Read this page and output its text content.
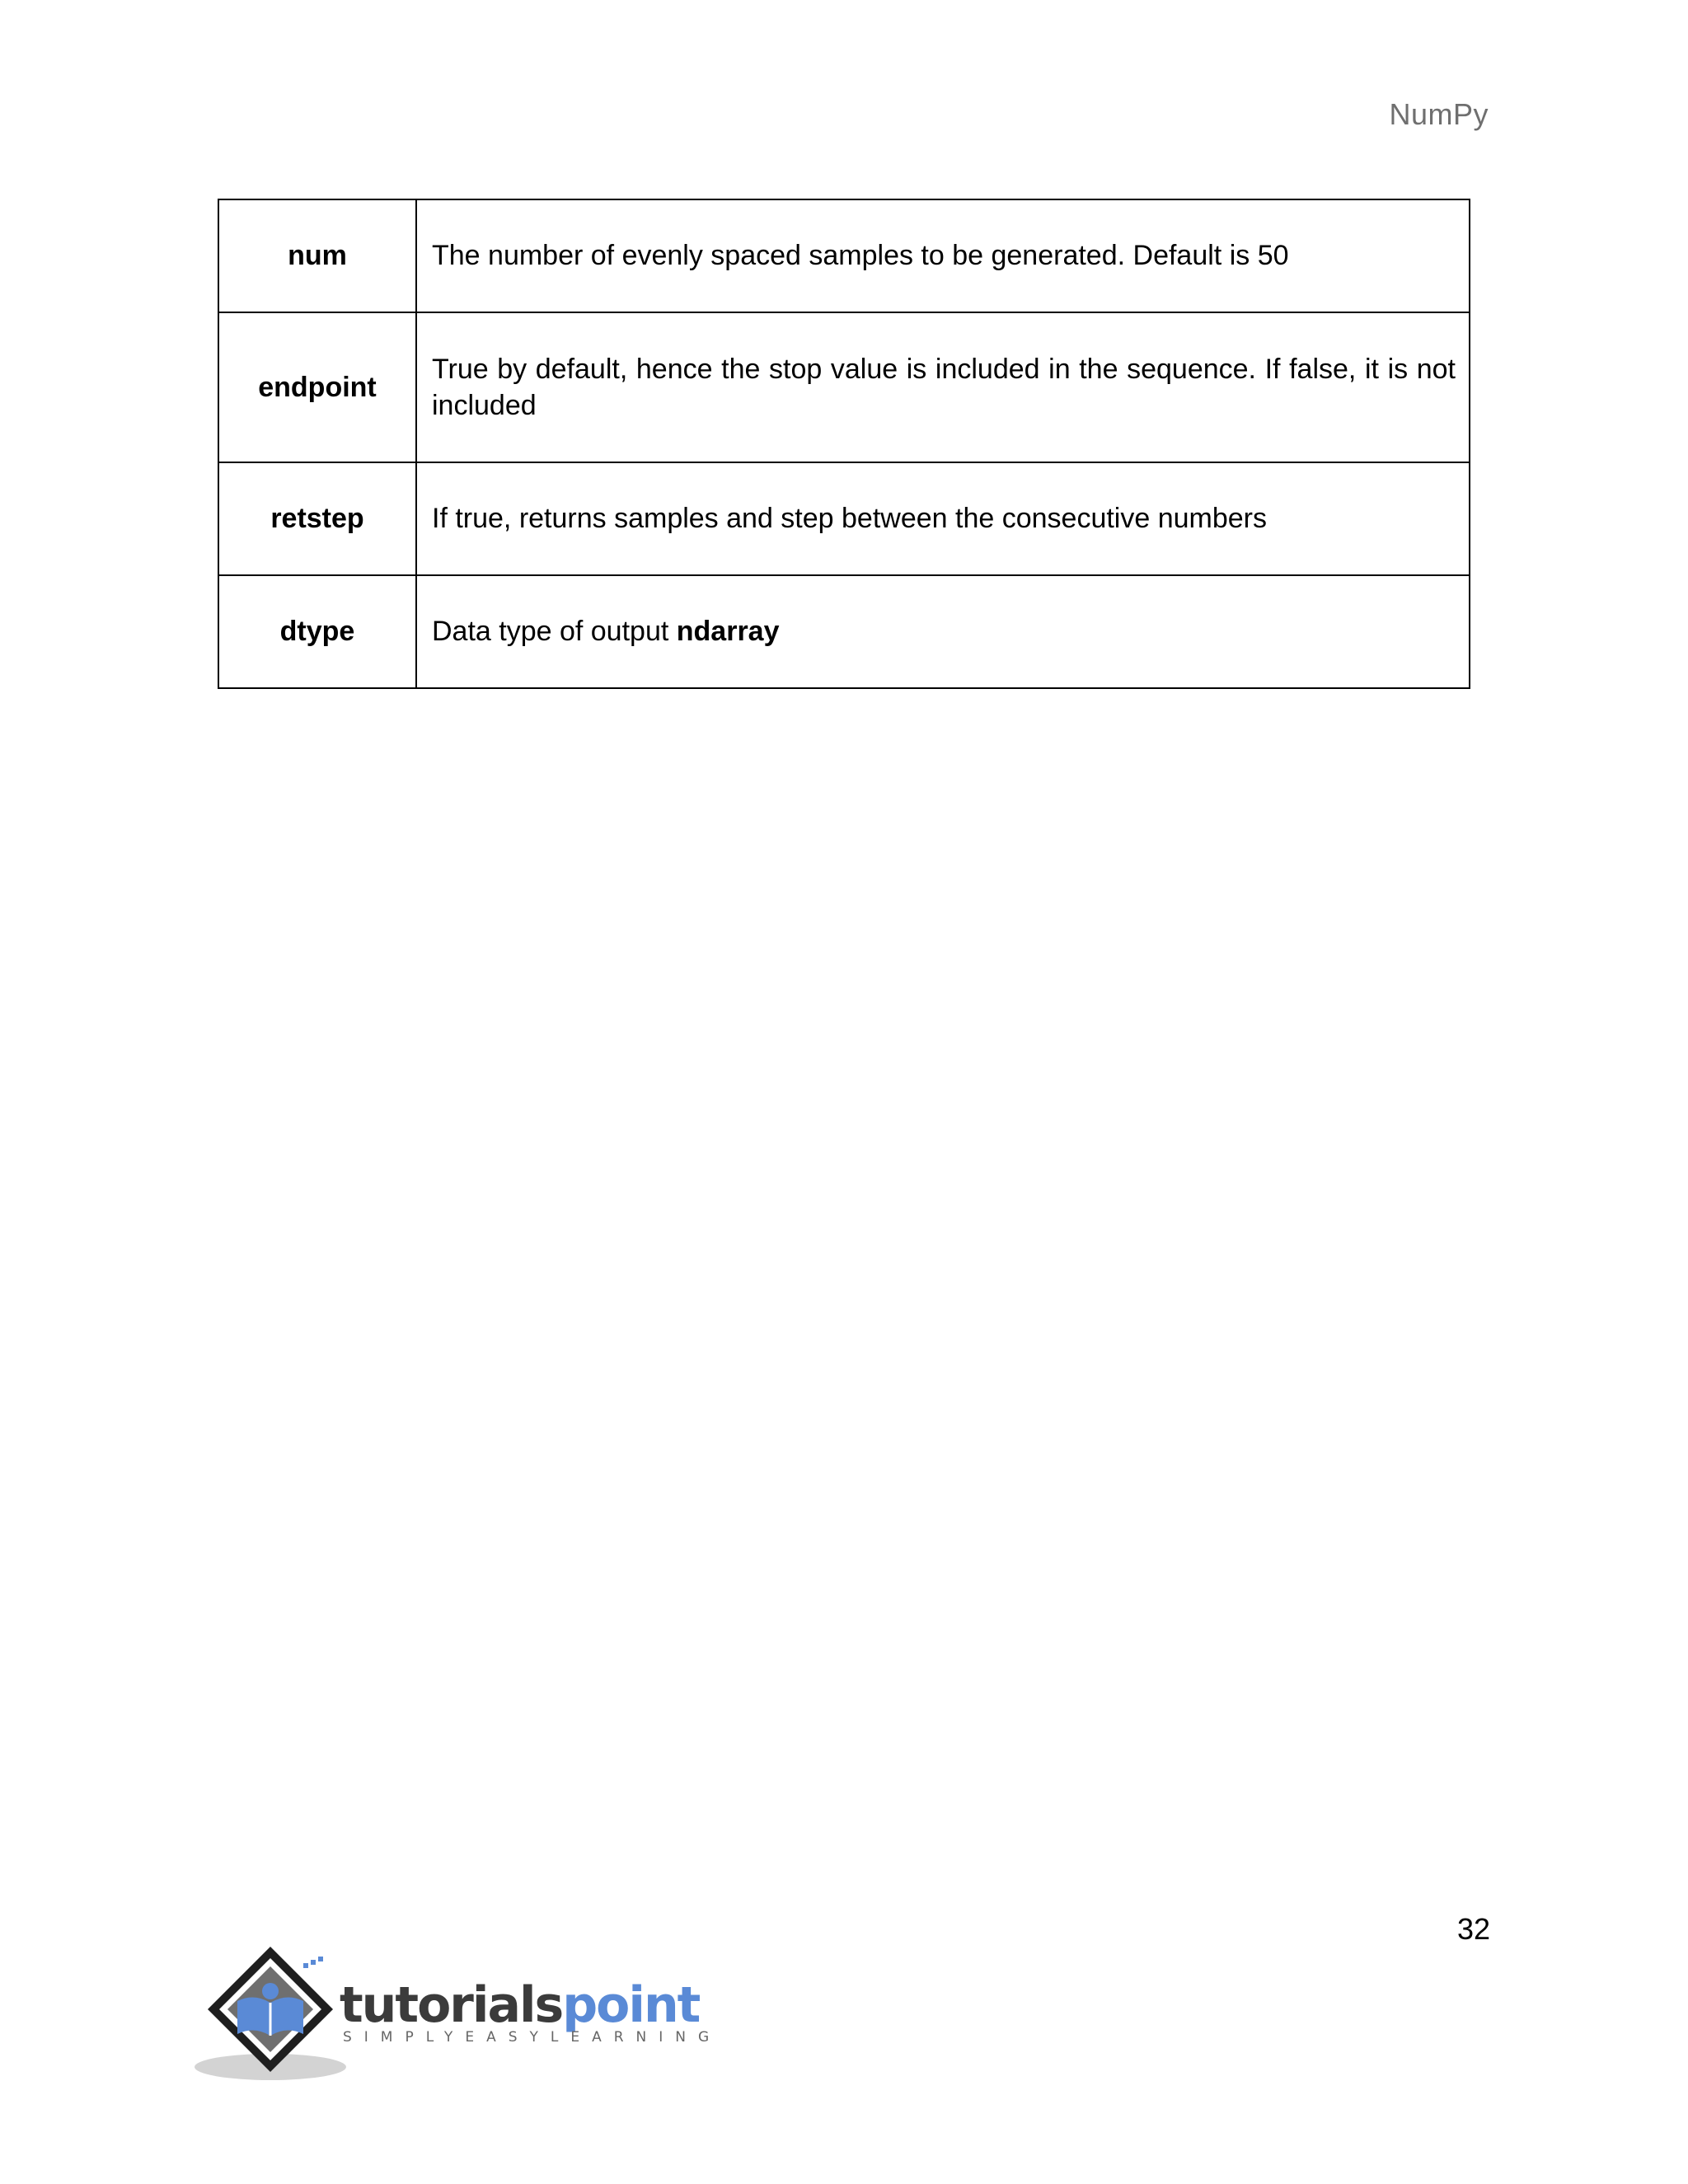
NumPy
num	The number of evenly spaced samples to be generated. Default is 50
endpoint	True by default, hence the stop value is included in the sequence. If false, it is not included
retstep	If true, returns samples and step between the consecutive numbers
dtype	Data type of output ndarray
32
tutorialspoint
SIMPLYEASYLEARNING
